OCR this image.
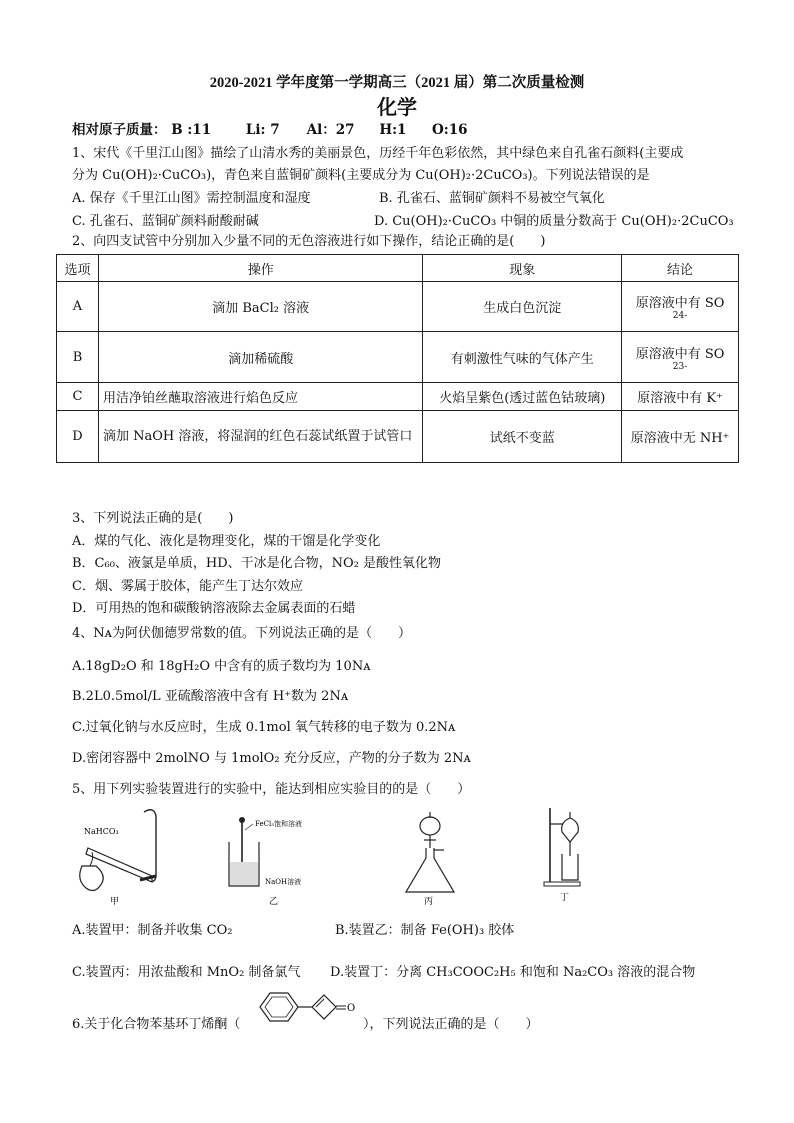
2020-2021 学年度第一学期高三（2021 届）第二次质量检测
化学
相对原子质量： B :11	Li: 7 Al：27 H:1 O:16
1、宋代《千里江山图》描绘了山清水秀的美丽景色，历经千年色彩依然，其中绿色来自孔雀石颜料(主要成
分为 Cu(OH)₂·CuCO₃)，青色来自蓝铜矿颜料(主要成分为 Cu(OH)₂·2CuCO₃)。下列说法错误的是
A. 保存《千里江山图》需控制温度和湿度	B. 孔雀石、蓝铜矿颜料不易被空气氧化
C. 孔雀石、蓝铜矿颜料耐酸耐碱	D. Cu(OH)₂·CuCO₃ 中铜的质量分数高于 Cu(OH)₂·2CuCO₃
2、向四支试管中分别加入少量不同的无色溶液进行如下操作，结论正确的是(　　)
选项	操作	现象	结论
A	滴加 BaCl₂ 溶液	生成白色沉淀	原溶液中有 SO
24-

B	滴加稀硫酸	有刺激性气味的气体产生	原溶液中有 SO
23-

C	用洁净铂丝蘸取溶液进行焰色反应	火焰呈紫色(透过蓝色钴玻璃)	原溶液中有 K⁺
D	滴加 NaOH 溶液，将湿润的红色石蕊试纸置于试管口	试纸不变蓝	原溶液中无 NH⁺
3、下列说法正确的是(　　)
A．煤的气化、液化是物理变化，煤的干馏是化学变化
B．C₆₀、液氯是单质，HD、干冰是化合物，NO₂ 是酸性氧化物
C．烟、雾属于胶体，能产生丁达尔效应
D．可用热的饱和碳酸钠溶液除去金属表面的石蜡
4、Nᴀ为阿伏伽德罗常数的值。下列说法正确的是（　　）
A.18gD₂O 和 18gH₂O 中含有的质子数均为 10Nᴀ
B.2L0.5mol/L 亚硫酸溶液中含有 H⁺数为 2Nᴀ
C.过氧化钠与水反应时，生成 0.1mol 氧气转移的电子数为 0.2Nᴀ
D.密闭容器中 2molNO 与 1molO₂ 充分反应，产物的分子数为 2Nᴀ
5、用下列实验装置进行的实验中，能达到相应实验目的的是（　　）
NaHCO₃
甲
FeCl₃饱和溶液
NaOH溶液
乙	丙	丁
A.装置甲：制备并收集 CO₂	B.装置乙：制备 Fe(OH)₃ 胶体
C.装置丙：用浓盐酸和 MnO₂ 制备氯气 D.装置丁：分离 CH₃COOC₂H₅ 和饱和 Na₂CO₃ 溶液的混合物
6.关于化合物苯基环丁烯酮（
O
），下列说法正确的是（　　）
